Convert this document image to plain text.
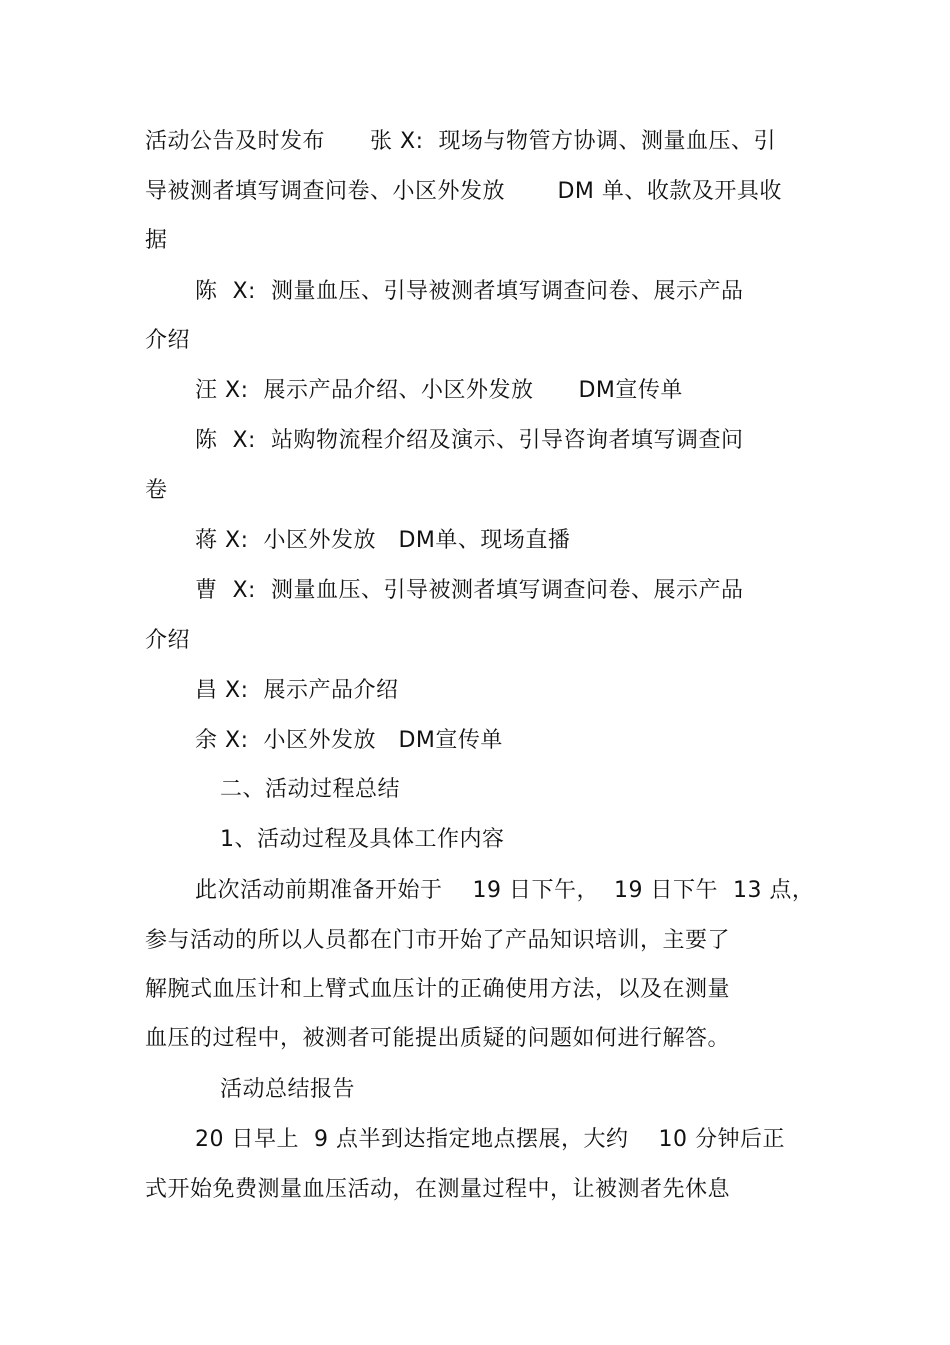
活动公告及时发布　　张 X:  现场与物管方协调、测量血压、引
导被测者填写调查问卷、小区外发放　　 DM 单、收款及开具收
据
陈  X:  测量血压、引导被测者填写调查问卷、展示产品
介绍
汪 X:  展示产品介绍、小区外发放　　DM宣传单
陈  X:  站购物流程介绍及演示、引导咨询者填写调查问
卷
蒋 X:  小区外发放　DM单、现场直播
曹  X:  测量血压、引导被测者填写调查问卷、展示产品
介绍
昌 X:  展示产品介绍
余 X:  小区外发放　DM宣传单
二、活动过程总结
1、活动过程及具体工作内容
此次活动前期准备开始于　 19 日下午，  19 日下午  13 点，
参与活动的所以人员都在门市开始了产品知识培训，主要了
解腕式血压计和上臂式血压计的正确使用方法，以及在测量
血压的过程中，被测者可能提出质疑的问题如何进行解答。
活动总结报告
20 日早上  9 点半到达指定地点摆展，大约　 10 分钟后正
式开始免费测量血压活动，在测量过程中，让被测者先休息
